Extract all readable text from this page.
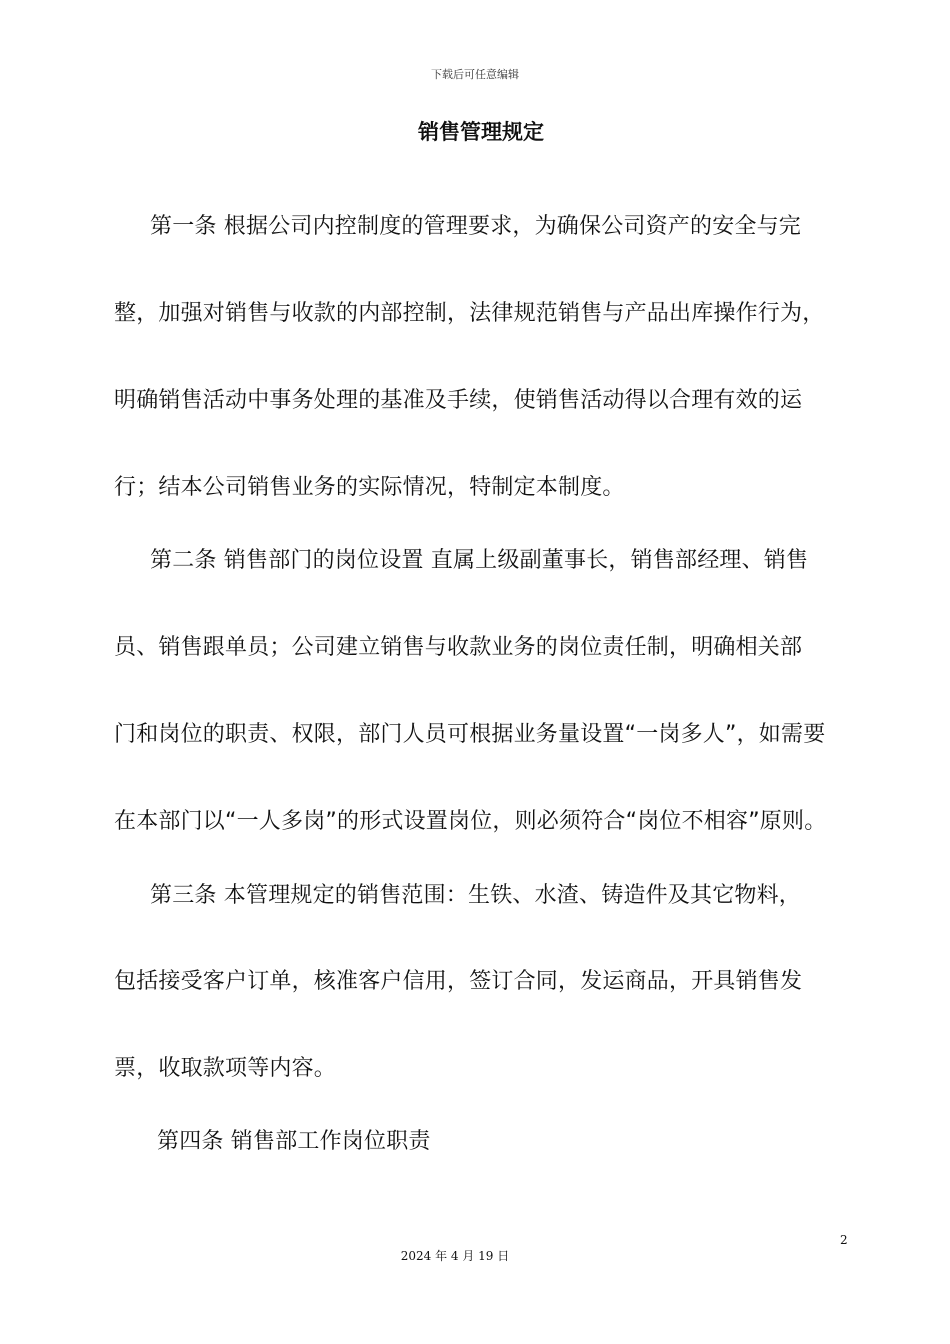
下载后可任意编辑
销售管理规定
第一条 根据公司内控制度的管理要求，为确保公司资产的安全与完
整，加强对销售与收款的内部控制，法律规范销售与产品出库操作行为，
明确销售活动中事务处理的基准及手续，使销售活动得以合理有效的运
行；结本公司销售业务的实际情况，特制定本制度。
第二条 销售部门的岗位设置 直属上级副董事长，销售部经理、销售
员、销售跟单员；公司建立销售与收款业务的岗位责任制，明确相关部
门和岗位的职责、权限，部门人员可根据业务量设置“一岗多人”，如需要
在本部门以“一人多岗”的形式设置岗位，则必须符合“岗位不相容”原则。
第三条 本管理规定的销售范围：生铁、水渣、铸造件及其它物料，
包括接受客户订单，核准客户信用，签订合同，发运商品，开具销售发
票，收取款项等内容。
第四条 销售部工作岗位职责
2
2024 年 4 月 19 日
